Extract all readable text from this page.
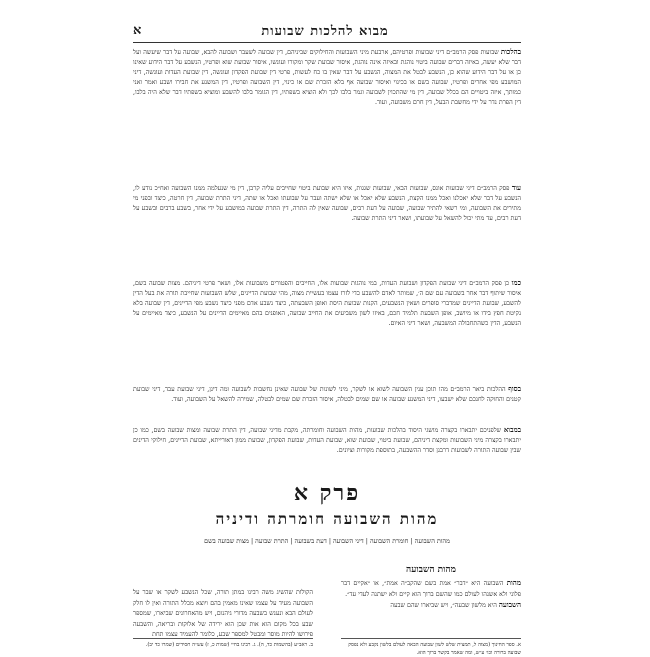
מבוא להלכות שבועות
א

בהלכות שבועות פסק הרמב״ם דיני שבועות ופרטיהם, ארבעת מיני השבועות והחילוקים שביניהם, דין שבועה לשעבר ושבועה להבא, שבועה על דבר שיעשה ועל דבר שלא יעשה, באיזה דברים שבועה ביטוי נוהגת ובאיזה אינה נוהגת, איסור שבועת שקר ומקורו ועונשו, איסור שבועת שוא ופרטיו, הנשבע על דבר הידוע שאינו כן או על דבר הידוע שהוא כן, הנשבע לבטל את המצוה, הנשבע על דבר שאין בו כח לעשות, פרטי דין שבועת הפקדון ועונשה, דין שבועת העדות ועונשה, דיני המושבע מפי אחרים ופרטיו, שבועה בשם או בכינוי ואיסור שבועה אף בלא הזכרת שם או כינוי, דין השבועה ופרטיו, דין המשנע את חבירו ושבע ואמר ואני כמותך, איזה ביטויים הם בכלל שבועה, דין מי שהתכוין לשבועה וגמר בלבו לכך ולא הוציא בשפתיו, דין הגומר בלבו להשבע ומוציא בשפתיו דבר שלא היה בלבו, דין הפרת נדר על ידי מחשבת הבעל, דין חרם משבועה, ועוד.

עוד פסק הרמב״ם דיני שבועות אונס, שבועות הבאי, שבועות שגגות, איזו היא שבועת ביטוי שחייבים עליה קרבן, דין מי שנעלמה ממנו השבועה ואח״כ נודע לו, הנשבע על דבר שלא יאכלנו ואכל ממנו הקצת, הנשבע שלא יאכל או שלא ישתה ועבר על שבועתו ואכל או שתה, דיני התרת שבועה, דין חרטה, כיצד ובפני מי מתירים את השבועה, ומי רשאי להתיר שבועה, שבועה על דעת רבים, שבועה שאין לה התרה, דין התרת שבועה במושבע על ידי אחר, בשבע ברבים ובשבע על דעת רבים, עד מתי יכול להשאל על שבועתו, ושאר דיני התרת שבועה.

כמו כן פסק הרמב״ם דיני שבועת הפקדון ושבועת העדות, במי נוהגות שבועות אלו, החייבים והפטורים משבועות אלו, ושאר פרטי דיניהם. מצות שבועה בשם, איסור שיתוף דבר אחר בשבועה עם שם ה׳, שמותר לאדם להשבע כדי לזרז עצמו בעשיית מצוה, מהי שבועת הדיינים, שלש השבועות שחייבת תורה את בעל הדין להשבע, שבועת הדיינים שמדברי סופרים ושאין הנשבעים, הקנות שבועת היסת ואופן השבעתה, כיצד נשבע אדם מפני כיצד נשבע מפי הדיינים, דין שבועה בלא נקיטת חפץ בידו או מיושב, אופן השבעת תלמיד חכם, באיזו לשון משביעים את החייב שבועה, האופנים בהם מאיימים הדיינים על הנשבע, כיצד מאיימים על הנשבע, הדין כשהתחבולה המשבעה, ושאר דיני האיום.

בסוף ההלכות ביאר הרמב״ם מהו תוכן ענין השבועה לשוא או לשקר, מיני לשונות של שבועה שאינן נחשבות לשבועה ומה דינן, דיני שבועת עבד, דיני שבועת קטנים והחוקה לחנכם שלא ישבעו, דיני המשנע שבועה או שם שמים לבטלה, איסור הזכרת שם שמים לבטלה, שמירה להשאל על השבועה, ועוד.

במבוא שלפניכם יתבארו בקצרה מושגי היסוד בהלכות שבועות, מהות השבועה וחומרתה, מקבת מדיני שבועה, דין התרת שבועה ומצות שבועה בשם, כמו כן יתבארו בקצרה מיני השבועות ומקצת דיניהם, שבועת ביטוי, שבועת שוא, שבועת העדות, שבועת הפקדון, שבועת ממון דאורייתא, שבועת הדיינים, חילוקי הדינים שבין שבועה התורה לשבועות דרבנן וסדר ההשבעה, בתוספת מקורות וציונים.

פרק א
מהות השבועה חומרתה ודיניה

מהות השבועה | חומרת השבועה | דיני השבועה | דעת בשבועה | התרת שבועה | מצות שבועה בשם

מהות השבועה

מהות השבועה היא ״דבר״ אמת בשם שהקב״ה אמת״, או ״אקיים דבר פלוני ולא אשנהו לעולם כמו שהשם ברוך הוא קיים ולא ישתנה לעדי עד״.
השבועה היא מלשון שבעה״, ויש שביארו שהם שבעה

הקולות שהשיג משה רבינו במתן תורה, שכל הנשבע לשקר או שבר על השבועה מעיד על עצמו שאינו מאמין בהם ויוצא מכלל התורה ואין לו חלק לעולם הבא ונענש בשבעה מדורי גיהנום, ויש מהאחרונים שביארו, שמספר שבע בכל מקום הוא אות שכן הוא ירידה של אלוקות ובריאה, והשבעה פירושו להיות מוסר ומבטל למספר שבע, כלומר להעמיד עצמו תחת

א. ספר החינוך (מצוה ל, תמצית שלש לשון שבועה הבאה לעולם בלשון נקבע ולא נפסק שבועה ברורה וכו׳ ע״ש, ומה שאמר בקשר ברוך הוא.

ב. ראב״ע (בהשמות כד, ה). ג. רבינו בחיי (שמות כ, ז) עש״ה חסידים (שמרו כד יב).
